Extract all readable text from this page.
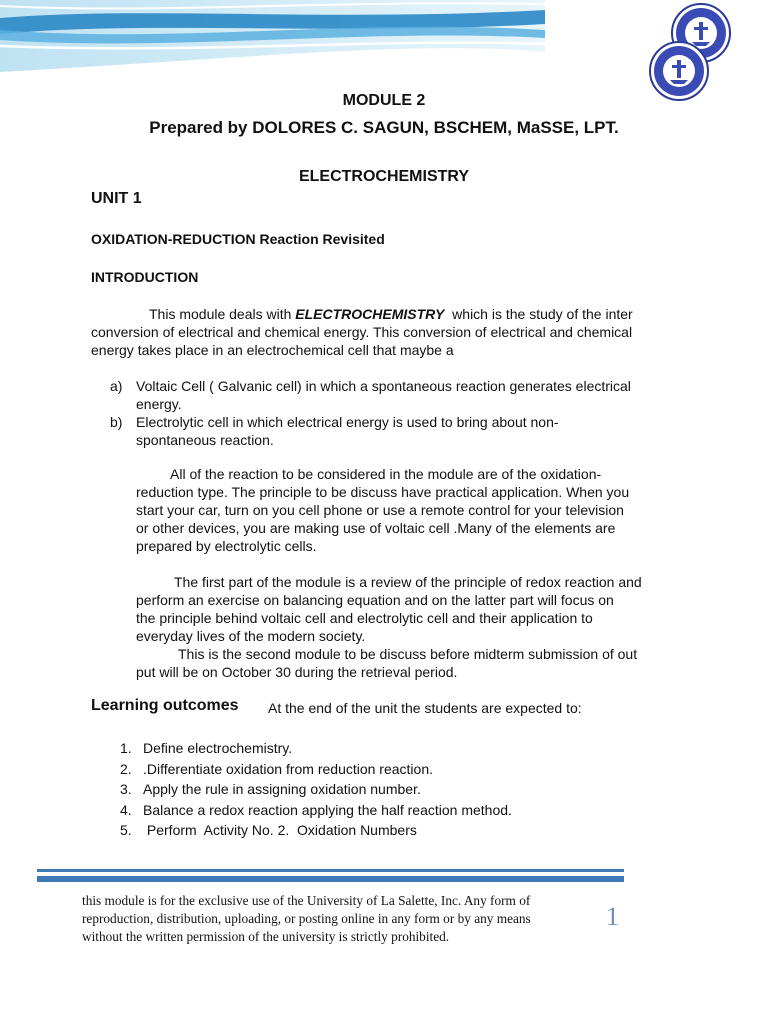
MODULE 2
Prepared by DOLORES C. SAGUN, BSCHEM, MaSSE, LPT.
ELECTROCHEMISTRY
UNIT 1
OXIDATION-REDUCTION Reaction Revisited
INTRODUCTION
This module deals with ELECTROCHEMISTRY  which is the study of the inter
conversion of electrical and chemical energy. This conversion of electrical and chemical
energy takes place in an electrochemical cell that maybe a
a) Voltaic Cell ( Galvanic cell) in which a spontaneous reaction generates electrical
energy.
b) Electrolytic cell in which electrical energy is used to bring about non-
spontaneous reaction.
All of the reaction to be considered in the module are of the oxidation-
reduction type. The principle to be discuss have practical application. When you
start your car, turn on you cell phone or use a remote control for your television
or other devices, you are making use of voltaic cell .Many of the elements are
prepared by electrolytic cells.
The first part of the module is a review of the principle of redox reaction and
perform an exercise on balancing equation and on the latter part will focus on
the principle behind voltaic cell and electrolytic cell and their application to
everyday lives of the modern society.
This is the second module to be discuss before midterm submission of out
put will be on October 30 during the retrieval period.
Learning outcomes At the end of the unit the students are expected to:
1. Define electrochemistry.
2. .Differentiate oxidation from reduction reaction.
3. Apply the rule in assigning oxidation number.
4. Balance a redox reaction applying the half reaction method.
5. Perform  Activity No. 2.  Oxidation Numbers
this module is for the exclusive use of the University of La Salette, Inc. Any form of
reproduction, distribution, uploading, or posting online in any form or by any means
without the written permission of the university is strictly prohibited.
1
